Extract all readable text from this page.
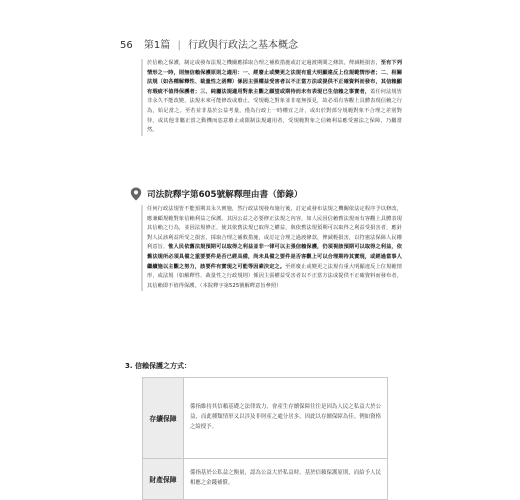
56 第1篇 | 行政與行政法之基本概念

於信賴之保護，制定或發布法規之機關應採取合理之補救措施或訂定過渡期間之條款，俾減輕損害，至有下列情形之一時，則無信賴保護原則之適用：一、經廢止或變更之法規有重大明顯違反上位規範情形者；二、相關法規（如各種解釋性、裁量性之函釋）係因主張權益受害者以不正當方法或提供不正確資料而發布，其信賴顯有瑕疵不值得保護者；三、純屬法規適用對象主觀之願望或期待而未有表現已生信賴之事實者，蓋任何法規皆非永久不能改變，法規未來可能修改或廢止，受規範之對象並非毫無預見，故必須有客觀上具體表現信賴之行為，始足當之。至若並非基於公益考量，僅為行政上一時權宜之計，或出於對部分規範對象不合理之差別對待，或其他非屬正當之動機而恣意廢止或限制法規適用者，受規範對象之信賴利益應受憲法之保障，乃屬當然。

司法院釋字第605號解釋理由書（節錄）

任何行政法規皆不能預期其永久實施，然行政法規發布施行後，訂定或發布法規之機關依法定程序予以修改，應兼顧規範對象信賴利益之保護。其因公益之必要修正法規之內容，如人民因信賴舊法規而有客觀上具體表現其信賴之行為，並因法規修正，使其依舊法規已取得之權益，與依舊法規預期可以取得之利益受損害者，應針對人民該利益所受之損害，採取合理之補救措施，或訂定合理之過渡條款，俾減輕損害，以符憲法保障人民權利意旨。惟人民依舊法規預期可以取得之利益並非一律可以主張信賴保護，仍須視該預期可以取得之利益，依舊法規所必須具備之重要要件是否已經具備，尚未具備之要件是否客觀上可以合理期待其實現，或經過當事人繼續施以主觀之努力，該要件有實現之可能等因素決定之。至經廢止或變更之法規有重大明顯違反上位規範情形，或法規（如解釋性、裁量性之行政規則）係因主張權益受害者以不正當方法或提供不正確資料而發布者，其信賴即不值得保護。（本院釋字第525號解釋意旨參照）

3. 信賴保護之方式：
存續保障	係指維持其信賴基礎之法律效力，會產生存續保障往往是因為人民之私益大於公益，而此種類情形又以涉及非財產之處分居多，因此以存續保障為佳。例如資格之給授予。
財產保障	係指基於公私益之衡量，認為公益大於私益時，基於信賴保護原則，而給予人民相應之金錢補償。
